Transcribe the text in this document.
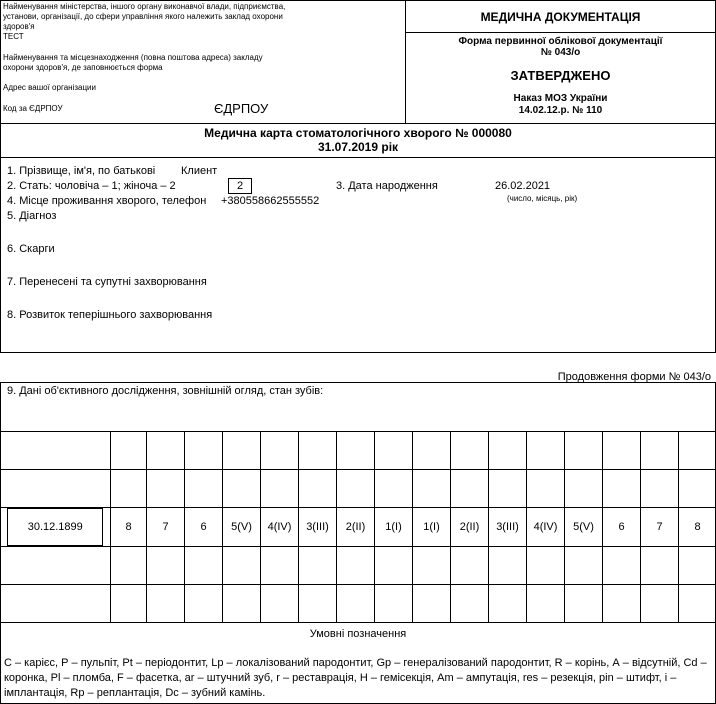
Найменування міністерства, іншого органу виконавчої влади, підприємства, установи, організації, до сфери управління якого належить заклад охорони здоров'я
ТЕСТ
Найменування та місцезнаходження (повна поштова адреса) закладу охорони здоров'я, де заповнюється форма
Адрес вашої організации
Код за ЄДРПОУ	ЄДРПОУ
МЕДИЧНА ДОКУМЕНТАЦІЯ
Форма первинної облікової документації
№ 043/о
ЗАТВЕРДЖЕНО
Наказ МОЗ України
14.02.12.р. № 110
Медична карта стоматологічного хворого № 000080
31.07.2019 рік
1. Прізвище, ім'я, по батькові Клиент
2. Стать: чоловіча – 1; жіноча – 2	2	3. Дата народження	26.02.2021
(число, місяць, рік)
4. Місце проживання хворого, телефон +380558662555552
5. Діагноз
6. Скарги
7. Перенесені та супутні захворювання
8. Розвиток теперішнього захворювання
Продовження форми № 043/о
9. Дані об'єктивного дослідження, зовнішній огляд, стан зубів:

30.12.1899	8	7	6	5(V)	4(IV)	3(III)	2(II)	1(I)	1(I)	2(II)	3(III)	4(IV)	5(V)	6	7	8

Умовні позначення
С – карієс, Р – пульпіт, Pt – періодонтит, Lp – локалізований пародонтит, Gp – генералізований пародонтит, R – корінь, А – відсутній, Cd –
коронка, Pl – пломба, F – фасетка, ar – штучний зуб, r – реставрація, H – гемісекція, Am – ампутація, res – резекція, pin – штифт, i –
імплантація, Rp – реплантація, Dc – зубний камінь.
